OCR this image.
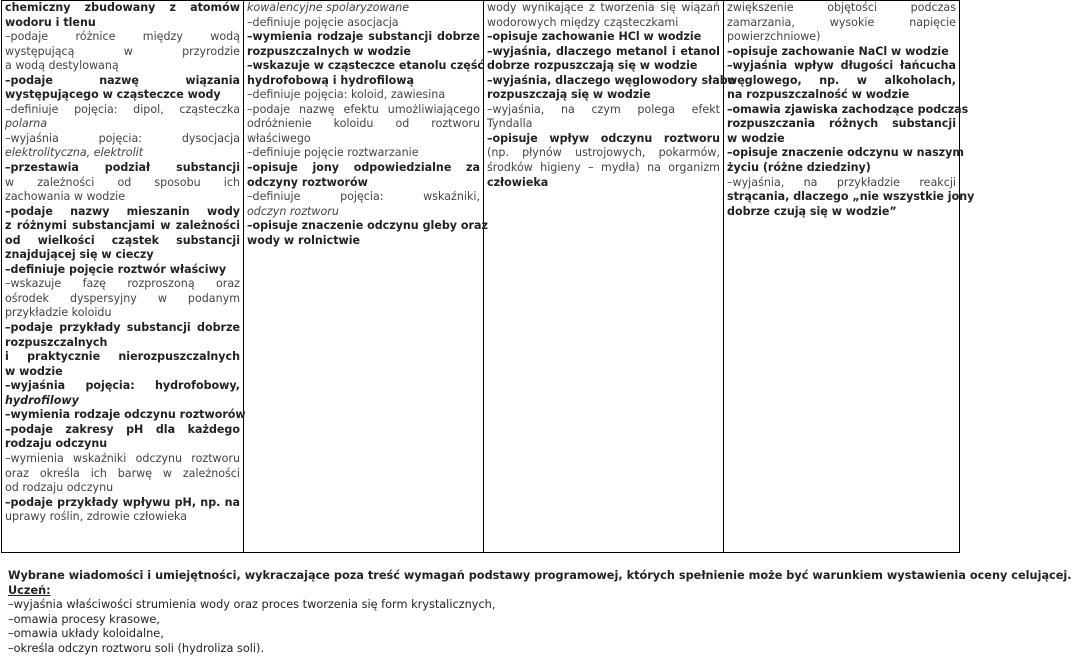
chemiczny zbudowany z atomów
wodoru i tlenu
–podaje różnice między wodą
występującą w przyrodzie
a wodą destylowaną
–podaje nazwę wiązania
występującego w cząsteczce wody
–definiuje pojęcia: dipol, cząsteczka
polarna
–wyjaśnia pojęcia: dysocjacja
elektrolityczna, elektrolit
–przestawia podział substancji
w zależności od sposobu ich
zachowania w wodzie
–podaje nazwy mieszanin wody
z różnymi substancjami w zależności
od wielkości cząstek substancji
znajdującej się w cieczy
–definiuje pojęcie roztwór właściwy
–wskazuje fazę rozproszoną oraz
ośrodek dyspersyjny w podanym
przykładzie koloidu
–podaje przykłady substancji dobrze
rozpuszczalnych
i praktycznie nierozpuszczalnych
w wodzie
–wyjaśnia pojęcia: hydrofobowy,
hydrofilowy
–wymienia rodzaje odczynu roztworów
–podaje zakresy pH dla każdego
rodzaju odczynu
–wymienia wskaźniki odczynu roztworu
oraz określa ich barwę w zależności
od rodzaju odczynu
–podaje przykłady wpływu pH, np. na
uprawy roślin, zdrowie człowieka

kowalencyjne spolaryzowane
–definiuje pojęcie asocjacja
–wymienia rodzaje substancji dobrze
rozpuszczalnych w wodzie
–wskazuje w cząsteczce etanolu część
hydrofobową i hydrofilową
–definiuje pojęcia: koloid, zawiesina
–podaje nazwę efektu umożliwiającego
odróżnienie koloidu od roztworu
właściwego
–definiuje pojęcie roztwarzanie
–opisuje jony odpowiedzialne za
odczyny roztworów
–definiuje pojęcia: wskaźniki,
odczyn roztworu
–opisuje znaczenie odczynu gleby oraz
wody w rolnictwie

wody wynikające z tworzenia się wiązań
wodorowych między cząsteczkami
–opisuje zachowanie HCl w wodzie
–wyjaśnia, dlaczego metanol i etanol
dobrze rozpuszczają się w wodzie
–wyjaśnia, dlaczego węglowodory słabo
rozpuszczają się w wodzie
–wyjaśnia, na czym polega efekt
Tyndalla
–opisuje wpływ odczynu roztworu
(np. płynów ustrojowych, pokarmów,
środków higieny – mydła) na organizm
człowieka

zwiększenie objętości podczas
zamarzania, wysokie napięcie
powierzchniowe)
–opisuje zachowanie NaCl w wodzie
–wyjaśnia wpływ długości łańcucha
węglowego, np. w alkoholach,
na rozpuszczalność w wodzie
–omawia zjawiska zachodzące podczas
rozpuszczania różnych substancji
w wodzie
–opisuje znaczenie odczynu w naszym
życiu (różne dziedziny)
–wyjaśnia, na przykładzie reakcji
strącania, dlaczego „nie wszystkie jony
dobrze czują się w wodzie”
Wybrane wiadomości i umiejętności, wykraczające poza treść wymagań podstawy programowej, których spełnienie może być warunkiem wystawienia oceny celującej.
Uczeń:
–wyjaśnia właściwości strumienia wody oraz proces tworzenia się form krystalicznych,
–omawia procesy krasowe,
–omawia układy koloidalne,
–określa odczyn roztworu soli (hydroliza soli).
